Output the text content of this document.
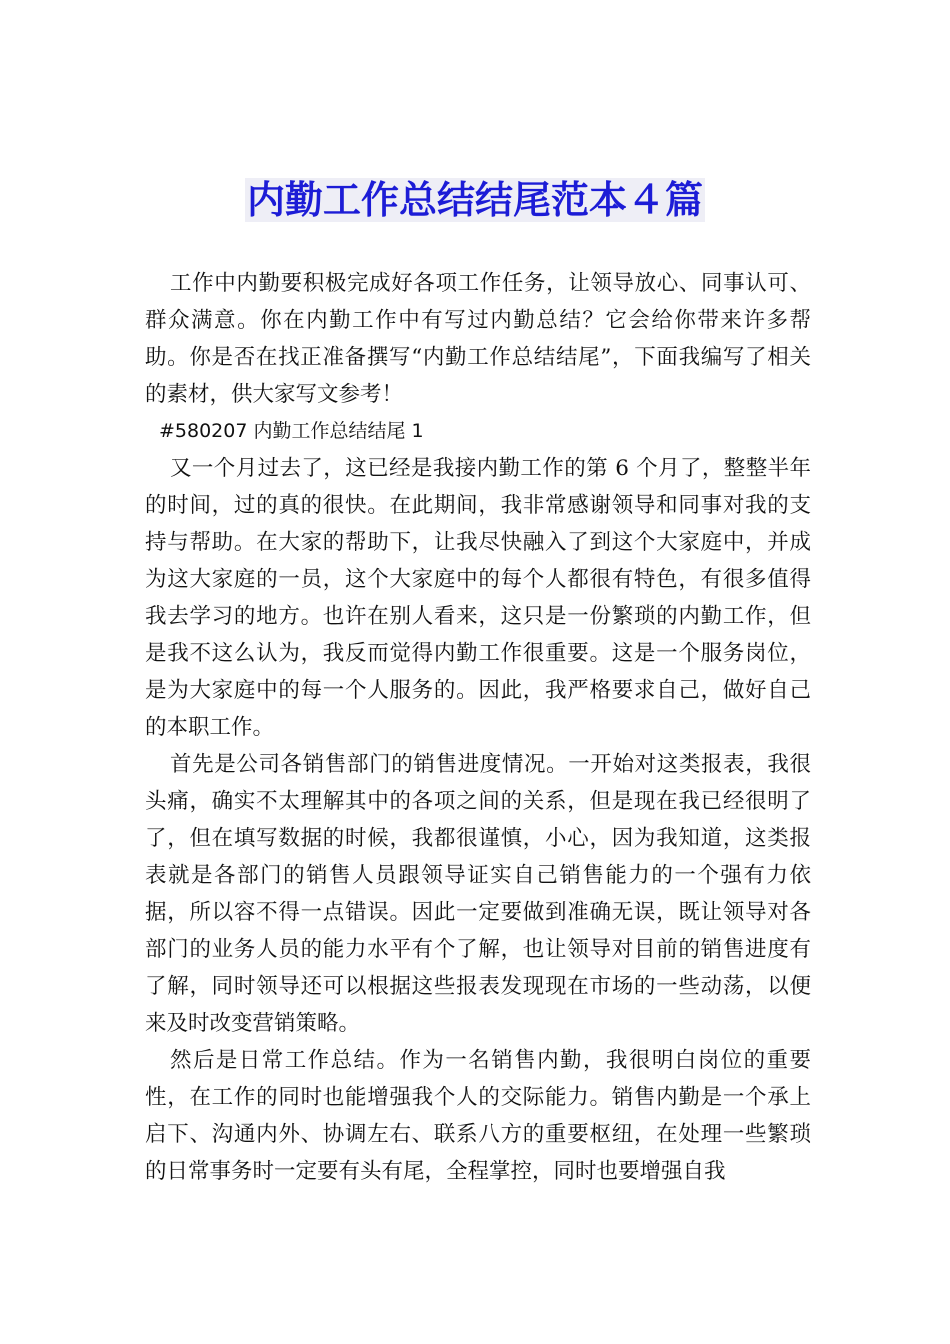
内勤工作总结结尾范本４篇

工作中内勤要积极完成好各项工作任务，让领导放心、同事认可、群众满意。你在内勤工作中有写过内勤总结？它会给你带来许多帮助。你是否在找正准备撰写“内勤工作总结结尾”，下面我编写了相关的素材，供大家写文参考！

#580207 内勤工作总结结尾 1

又一个月过去了，这已经是我接内勤工作的第 6 个月了，整整半年的时间，过的真的很快。在此期间，我非常感谢领导和同事对我的支持与帮助。在大家的帮助下，让我尽快融入了到这个大家庭中，并成为这大家庭的一员，这个大家庭中的每个人都很有特色，有很多值得我去学习的地方。也许在别人看来，这只是一份繁琐的内勤工作，但是我不这么认为，我反而觉得内勤工作很重要。这是一个服务岗位，是为大家庭中的每一个人服务的。因此，我严格要求自己，做好自己的本职工作。

首先是公司各销售部门的销售进度情况。一开始对这类报表，我很头痛，确实不太理解其中的各项之间的关系，但是现在我已经很明了了，但在填写数据的时候，我都很谨慎，小心，因为我知道，这类报表就是各部门的销售人员跟领导证实自己销售能力的一个强有力依据，所以容不得一点错误。因此一定要做到准确无误，既让领导对各部门的业务人员的能力水平有个了解，也让领导对目前的销售进度有了解，同时领导还可以根据这些报表发现现在市场的一些动荡，以便来及时改变营销策略。

然后是日常工作总结。作为一名销售内勤，我很明白岗位的重要性，在工作的同时也能增强我个人的交际能力。销售内勤是一个承上启下、沟通内外、协调左右、联系八方的重要枢纽，在处理一些繁琐的日常事务时一定要有头有尾，全程掌控，同时也要增强自我
